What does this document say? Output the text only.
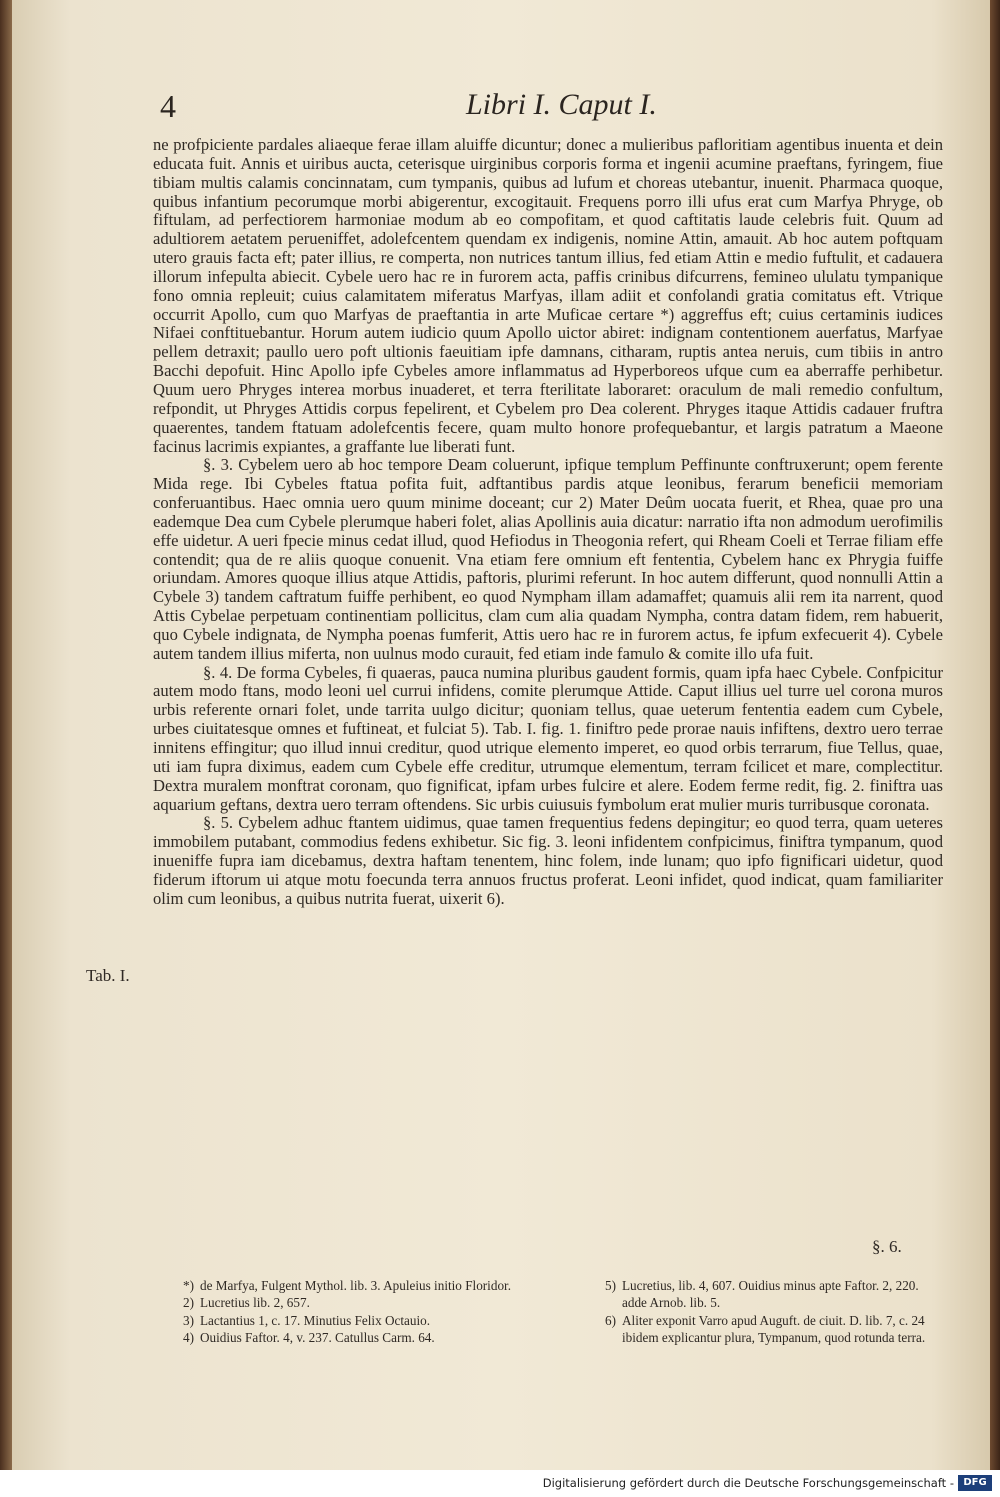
4	Libri I. Caput I.

ne profpiciente pardales aliaeque ferae illam aluiffe dicuntur; donec a mulieribus pafloritiam agentibus inuenta et dein educata fuit. Annis et uiribus aucta, ceterisque uirginibus corporis forma et ingenii acumine praeftans, fyringem, fiue tibiam multis calamis concinnatam, cum tympanis, quibus ad lufum et choreas utebantur, inuenit. Pharmaca quoque, quibus infantium pecorumque morbi abigerentur, excogitauit. Frequens porro illi ufus erat cum Marfya Phryge, ob fiftulam, ad perfectiorem harmoniae modum ab eo compofitam, et quod caftitatis laude celebris fuit. Quum ad adultiorem aetatem perueniffet, adolefcentem quendam ex indigenis, nomine Attin, amauit. Ab hoc autem poftquam utero grauis facta eft; pater illius, re comperta, non nutrices tantum illius, fed etiam Attin e medio fuftulit, et cadauera illorum infepulta abiecit. Cybele uero hac re in furorem acta, paffis crinibus difcurrens, femineo ululatu tympanique fono omnia repleuit; cuius calamitatem miferatus Marfyas, illam adiit et confolandi gratia comitatus eft. Vtrique occurrit Apollo, cum quo Marfyas de praeftantia in arte Muficae certare *) aggreffus eft; cuius certaminis iudices Nifaei conftituebantur. Horum autem iudicio quum Apollo uictor abiret: indignam contentionem auerfatus, Marfyae pellem detraxit; paullo uero poft ultionis faeuitiam ipfe damnans, citharam, ruptis antea neruis, cum tibiis in antro Bacchi depofuit. Hinc Apollo ipfe Cybeles amore inflammatus ad Hyperboreos ufque cum ea aberraffe perhibetur. Quum uero Phryges interea morbus inuaderet, et terra fterilitate laboraret: oraculum de mali remedio confultum, refpondit, ut Phryges Attidis corpus fepelirent, et Cybelem pro Dea colerent. Phryges itaque Attidis cadauer fruftra quaerentes, tandem ftatuam adolefcentis fecere, quam multo honore profequebantur, et largis patratum a Maeone facinus lacrimis expiantes, a graffante lue liberati funt.

§. 3. Cybelem uero ab hoc tempore Deam coluerunt, ipfique templum Peffinunte conftruxerunt; opem ferente Mida rege. Ibi Cybeles ftatua pofita fuit, adftantibus pardis atque leonibus, ferarum beneficii memoriam conferuantibus. Haec omnia uero quum minime doceant; cur 2) Mater Deûm uocata fuerit, et Rhea, quae pro una eademque Dea cum Cybele plerumque haberi folet, alias Apollinis auia dicatur: narratio ifta non admodum uerofimilis effe uidetur. A ueri fpecie minus cedat illud, quod Hefiodus in Theogonia refert, qui Rheam Coeli et Terrae filiam effe contendit; qua de re aliis quoque conuenit. Vna etiam fere omnium eft fententia, Cybelem hanc ex Phrygia fuiffe oriundam. Amores quoque illius atque Attidis, paftoris, plurimi referunt. In hoc autem differunt, quod nonnulli Attin a Cybele 3) tandem caftratum fuiffe perhibent, eo quod Nympham illam adamaffet; quamuis alii rem ita narrent, quod Attis Cybelae perpetuam continentiam pollicitus, clam cum alia quadam Nympha, contra datam fidem, rem habuerit, quo Cybele indignata, de Nympha poenas fumferit, Attis uero hac re in furorem actus, fe ipfum exfecuerit 4). Cybele autem tandem illius miferta, non uulnus modo curauit, fed etiam inde famulo & comite illo ufa fuit.

§. 4. De forma Cybeles, fi quaeras, pauca numina pluribus gaudent formis, quam ipfa haec Cybele. Confpicitur autem modo ftans, modo leoni uel currui infidens, comite plerumque Attide. Caput illius uel turre uel corona muros urbis referente ornari folet, unde tarrita uulgo dicitur; quoniam tellus, quae ueterum fententia eadem cum Cybele, urbes ciuitatesque omnes et fuftineat, et fulciat 5). Tab. I. fig. 1. finiftro pede prorae nauis infiftens, dextro uero terrae innitens effingitur; quo illud innui creditur, quod utrique elemento imperet, eo quod orbis terrarum, fiue Tellus, quae, uti iam fupra diximus, eadem cum Cybele effe creditur, utrumque elementum, terram fcilicet et mare, complectitur. Dextra muralem monftrat coronam, quo fignificat, ipfam urbes fulcire et alere. Eodem ferme redit, fig. 2. finiftra uas aquarium geftans, dextra uero terram oftendens. Sic urbis cuiusuis fymbolum erat mulier muris turribusque coronata.

§. 5. Cybelem adhuc ftantem uidimus, quae tamen frequentius fedens depingitur; eo quod terra, quam ueteres immobilem putabant, commodius fedens exhibetur. Sic fig. 3. leoni infidentem confpicimus, finiftra tympanum, quod inueniffe fupra iam dicebamus, dextra haftam tenentem, hinc folem, inde lunam; quo ipfo fignificari uidetur, quod fiderum iftorum ui atque motu foecunda terra annuos fructus proferat. Leoni infidet, quod indicat, quam familiariter olim cum leonibus, a quibus nutrita fuerat, uixerit 6).

Tab. I.
§. 6.

*) de Marfya, Fulgent Mythol. lib. 3. Apuleius initio Floridor.

2) Lucretius lib. 2, 657.

3) Lactantius 1, c. 17. Minutius Felix Octauio.

4) Ouidius Faftor. 4, v. 237. Catullus Carm. 64.

5) Lucretius, lib. 4, 607. Ouidius minus apte Faftor. 2, 220. adde Arnob. lib. 5.

6) Aliter exponit Varro apud Auguft. de ciuit. D. lib. 7, c. 24 ibidem explicantur plura, Tympanum, quod rotunda terra.

Digitalisierung gefördert durch die Deutsche Forschungsgemeinschaft - DFG
